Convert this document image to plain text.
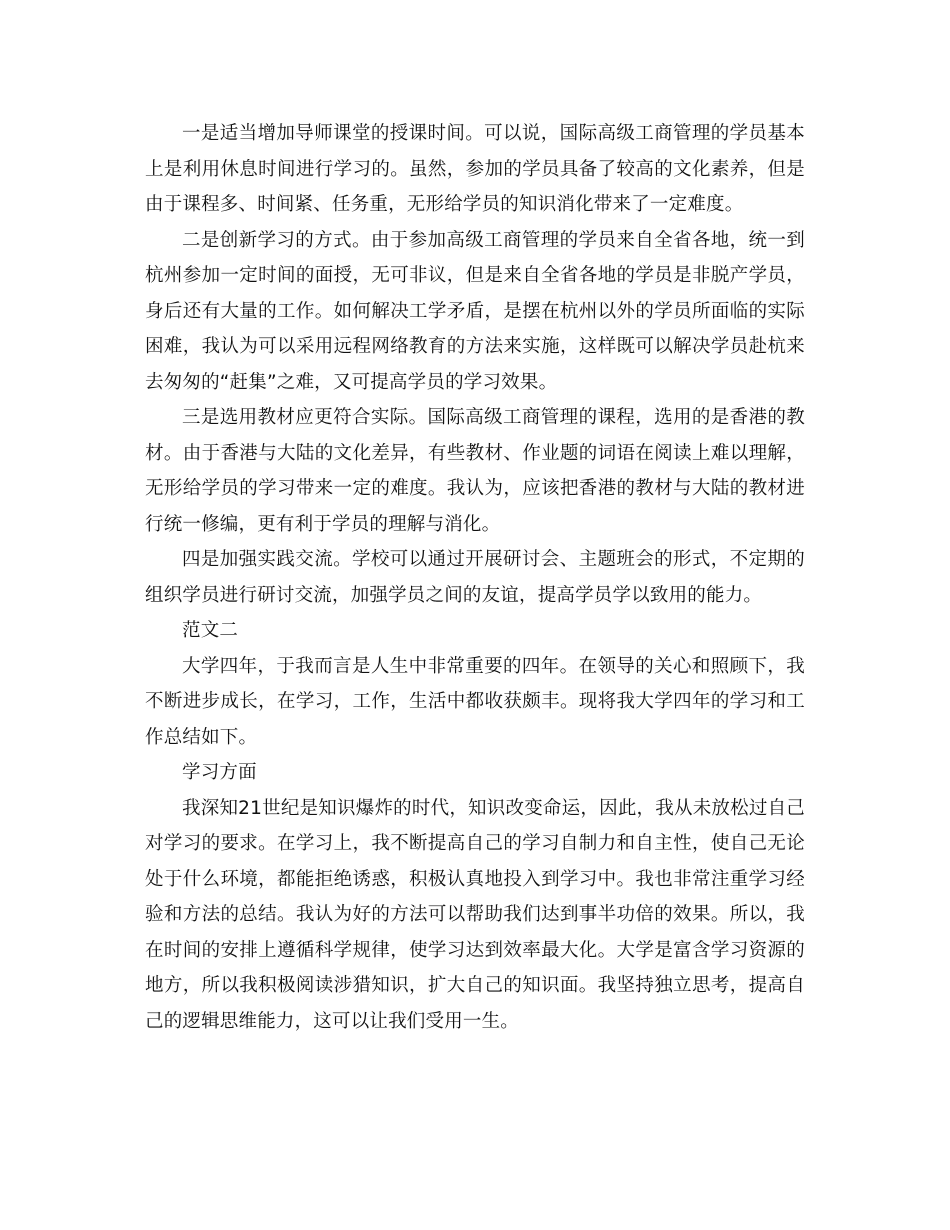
一是适当增加导师课堂的授课时间。可以说，国际高级工商管理的学员基本上是利用休息时间进行学习的。虽然，参加的学员具备了较高的文化素养，但是由于课程多、时间紧、任务重，无形给学员的知识消化带来了一定难度。

二是创新学习的方式。由于参加高级工商管理的学员来自全省各地，统一到杭州参加一定时间的面授，无可非议，但是来自全省各地的学员是非脱产学员，身后还有大量的工作。如何解决工学矛盾，是摆在杭州以外的学员所面临的实际困难，我认为可以采用远程网络教育的方法来实施，这样既可以解决学员赴杭来去匆匆的“赶集”之难，又可提高学员的学习效果。

三是选用教材应更符合实际。国际高级工商管理的课程，选用的是香港的教材。由于香港与大陆的文化差异，有些教材、作业题的词语在阅读上难以理解，无形给学员的学习带来一定的难度。我认为，应该把香港的教材与大陆的教材进行统一修编，更有利于学员的理解与消化。

四是加强实践交流。学校可以通过开展研讨会、主题班会的形式，不定期的组织学员进行研讨交流，加强学员之间的友谊，提高学员学以致用的能力。

范文二

大学四年，于我而言是人生中非常重要的四年。在领导的关心和照顾下，我不断进步成长，在学习，工作，生活中都收获颇丰。现将我大学四年的学习和工作总结如下。

学习方面

我深知21世纪是知识爆炸的时代，知识改变命运，因此，我从未放松过自己对学习的要求。在学习上，我不断提高自己的学习自制力和自主性，使自己无论处于什么环境，都能拒绝诱惑，积极认真地投入到学习中。我也非常注重学习经验和方法的总结。我认为好的方法可以帮助我们达到事半功倍的效果。所以，我在时间的安排上遵循科学规律，使学习达到效率最大化。大学是富含学习资源的地方，所以我积极阅读涉猎知识，扩大自己的知识面。我坚持独立思考，提高自己的逻辑思维能力，这可以让我们受用一生。
